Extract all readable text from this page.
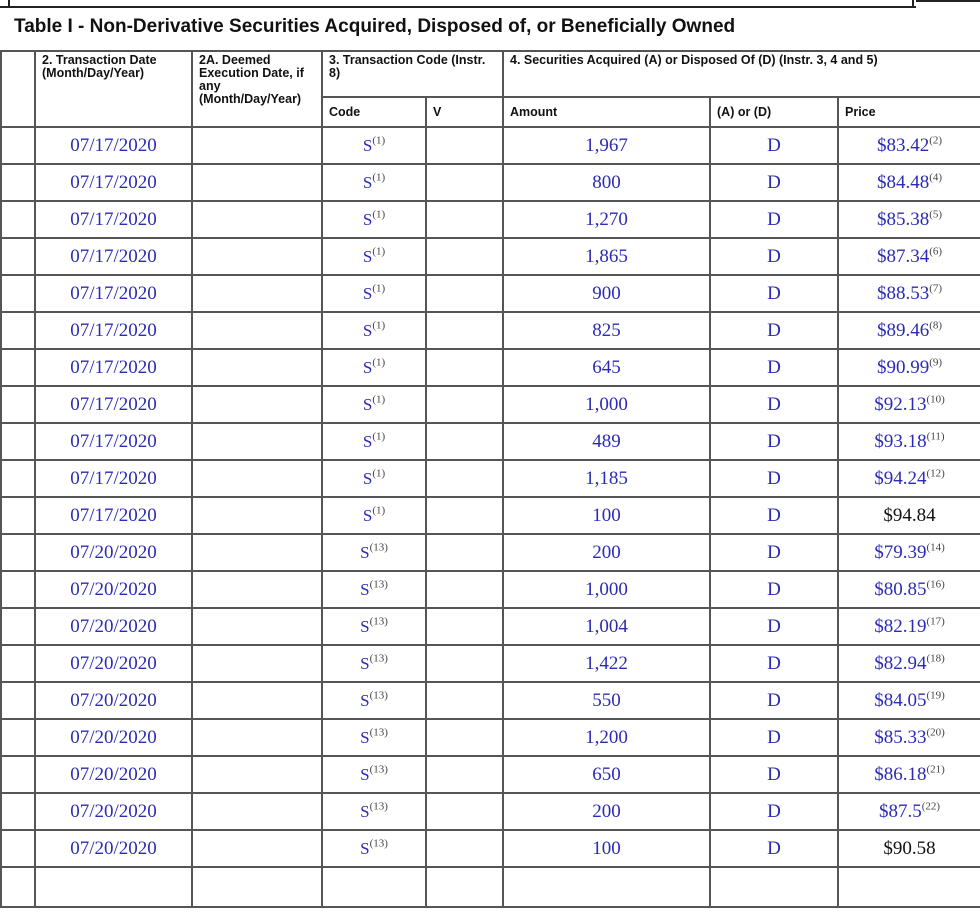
Table I - Non-Derivative Securities Acquired, Disposed of, or Beneficially Owned
	2. Transaction Date (Month/Day/Year)	2A. Deemed Execution Date, if any (Month/Day/Year)	3. Transaction Code (Instr. 8)		4. Securities Acquired (A) or Disposed Of (D) (Instr. 3, 4 and 5)		
			Code	V	Amount	(A) or (D)	Price
	07/17/2020		$S^{(1)}$		1,967	D	$83.42$^{(2)}$
	07/17/2020		$S^{(1)}$		800	D	$84.48$^{(4)}$
	07/17/2020		$S^{(1)}$		1,270	D	$85.38$^{(5)}$
	07/17/2020		$S^{(1)}$		1,865	D	$87.34$^{(6)}$
	07/17/2020		$S^{(1)}$		900	D	$88.53$^{(7)}$
	07/17/2020		$S^{(1)}$		825	D	$89.46$^{(8)}$
	07/17/2020		$S^{(1)}$		645	D	$90.99$^{(9)}$
	07/17/2020		$S^{(1)}$		1,000	D	$92.13$^{(10)}$
	07/17/2020		$S^{(1)}$		489	D	$93.18$^{(11)}$
	07/17/2020		$S^{(1)}$		1,185	D	$94.24$^{(12)}$
	07/17/2020		$S^{(1)}$		100	D	$94.84
	07/20/2020		$S^{(13)}$		200	D	$79.39$^{(14)}$
	07/20/2020		$S^{(13)}$		1,000	D	$80.85$^{(16)}$
	07/20/2020		$S^{(13)}$		1,004	D	$82.19$^{(17)}$
	07/20/2020		$S^{(13)}$		1,422	D	$82.94$^{(18)}$
	07/20/2020		$S^{(13)}$		550	D	$84.05$^{(19)}$
	07/20/2020		$S^{(13)}$		1,200	D	$85.33$^{(20)}$
	07/20/2020		$S^{(13)}$		650	D	$86.18$^{(21)}$
	07/20/2020		$S^{(13)}$		200	D	$87.5$^{(22)}$
	07/20/2020		$S^{(13)}$		100	D	$90.58
